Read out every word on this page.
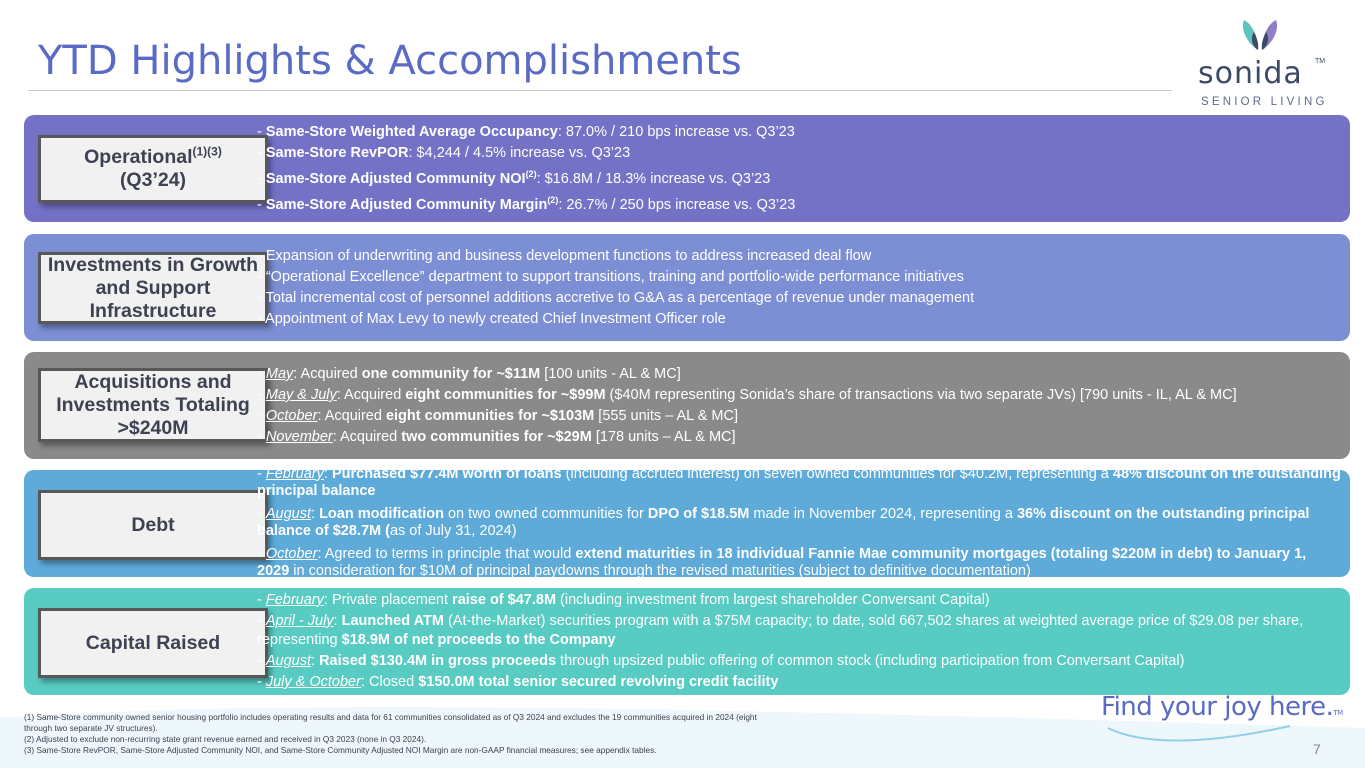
YTD Highlights & Accomplishments	sonida TM
SENIOR LIVING
Operational$^{(1)(3)}$
(Q3’24)
- Same-Store Weighted Average Occupancy: 87.0% / 210 bps increase vs. Q3’23
- Same-Store RevPOR: $4,244 / 4.5% increase vs. Q3’23
- Same-Store Adjusted Community NOI$^{(2)}$: $16.8M / 18.3% increase vs. Q3’23
- Same-Store Adjusted Community Margin$^{(2)}$: 26.7% / 250 bps increase vs. Q3’23
Investments in Growth and Support Infrastructure
- Expansion of underwriting and business development functions to address increased deal flow
- “Operational Excellence” department to support transitions, training and portfolio-wide performance initiatives
- Total incremental cost of personnel additions accretive to G&A as a percentage of revenue under management
- Appointment of Max Levy to newly created Chief Investment Officer role
Acquisitions and Investments Totaling >$240M
- May: Acquired one community for ~$11M [100 units - AL & MC]
- May & July: Acquired eight communities for ~$99M ($40M representing Sonida’s share of transactions via two separate JVs) [790 units - IL, AL & MC]
- October: Acquired eight communities for ~$103M [555 units – AL & MC]
- November: Acquired two communities for ~$29M [178 units – AL & MC]
Debt
- February: Purchased $77.4M worth of loans (including accrued interest) on seven owned communities for $40.2M, representing a 48% discount on the outstanding principal balance
- August: Loan modification on two owned communities for DPO of $18.5M made in November 2024, representing a 36% discount on the outstanding principal balance of $28.7M (as of July 31, 2024)
- October: Agreed to terms in principle that would extend maturities in 18 individual Fannie Mae community mortgages (totaling $220M in debt) to January 1, 2029 in consideration for $10M of principal paydowns through the revised maturities (subject to definitive documentation)
Capital Raised
- February: Private placement raise of $47.8M (including investment from largest shareholder Conversant Capital)
- April - July: Launched ATM (At-the-Market) securities program with a $75M capacity; to date, sold 667,502 shares at weighted average price of $29.08 per share, representing $18.9M of net proceeds to the Company
- August: Raised $130.4M in gross proceeds through upsized public offering of common stock (including participation from Conversant Capital)
- July & October: Closed $150.0M total senior secured revolving credit facility
(1) Same-Store community owned senior housing portfolio includes operating results and data for 61 communities consolidated as of Q3 2024 and excludes the 19 communities acquired in 2024 (eight through two separate JV structures).
(2) Adjusted to exclude non-recurring state grant revenue earned and received in Q3 2023 (none in Q3 2024).
(3) Same-Store RevPOR, Same-Store Adjusted Community NOI, and Same-Store Community Adjusted NOI Margin are non-GAAP financial measures; see appendix tables.
Find your joy here.TM
7
